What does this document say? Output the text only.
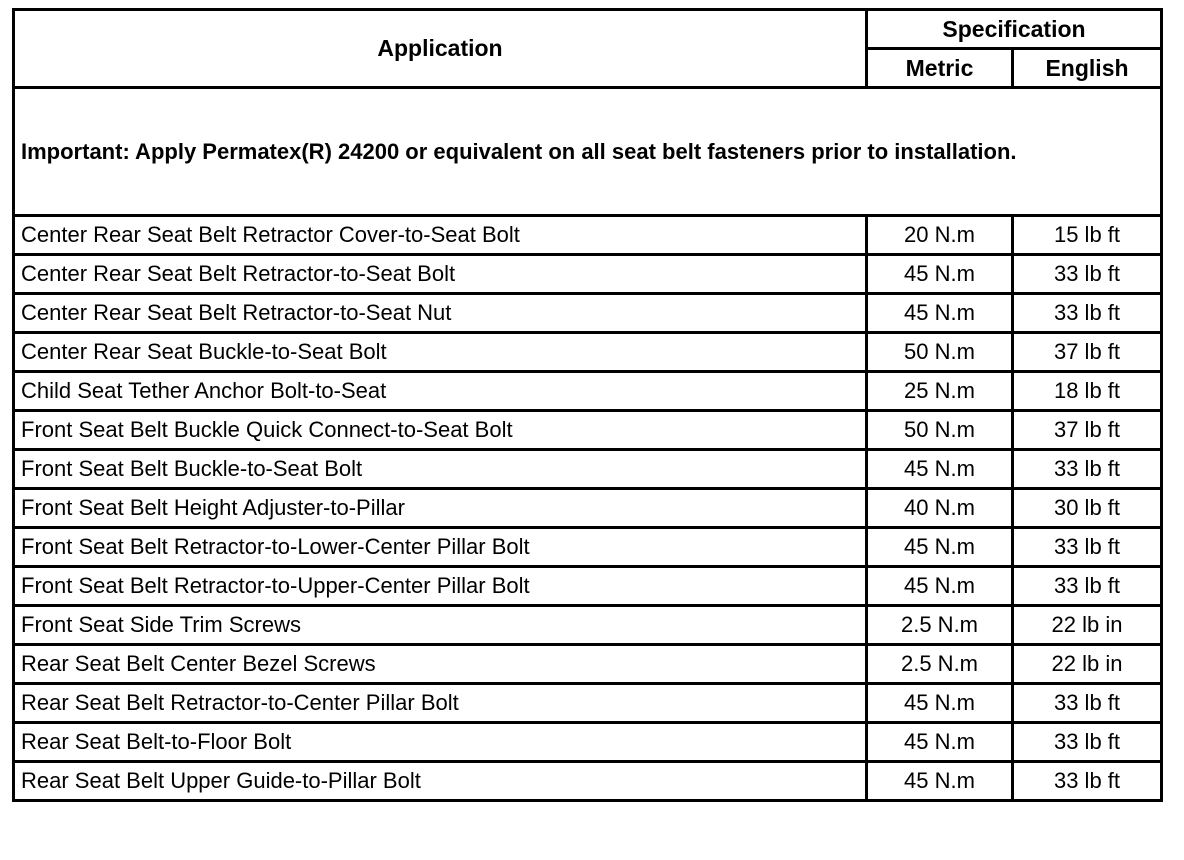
Application	Specification	
	Metric	English
Important: Apply Permatex(R) 24200 or equivalent on all seat belt fasteners prior to installation.		
Center Rear Seat Belt Retractor Cover-to-Seat Bolt	20 N.m	15 lb ft
Center Rear Seat Belt Retractor-to-Seat Bolt	45 N.m	33 lb ft
Center Rear Seat Belt Retractor-to-Seat Nut	45 N.m	33 lb ft
Center Rear Seat Buckle-to-Seat Bolt	50 N.m	37 lb ft
Child Seat Tether Anchor Bolt-to-Seat	25 N.m	18 lb ft
Front Seat Belt Buckle Quick Connect-to-Seat Bolt	50 N.m	37 lb ft
Front Seat Belt Buckle-to-Seat Bolt	45 N.m	33 lb ft
Front Seat Belt Height Adjuster-to-Pillar	40 N.m	30 lb ft
Front Seat Belt Retractor-to-Lower-Center Pillar Bolt	45 N.m	33 lb ft
Front Seat Belt Retractor-to-Upper-Center Pillar Bolt	45 N.m	33 lb ft
Front Seat Side Trim Screws	2.5 N.m	22 lb in
Rear Seat Belt Center Bezel Screws	2.5 N.m	22 lb in
Rear Seat Belt Retractor-to-Center Pillar Bolt	45 N.m	33 lb ft
Rear Seat Belt-to-Floor Bolt	45 N.m	33 lb ft
Rear Seat Belt Upper Guide-to-Pillar Bolt	45 N.m	33 lb ft
